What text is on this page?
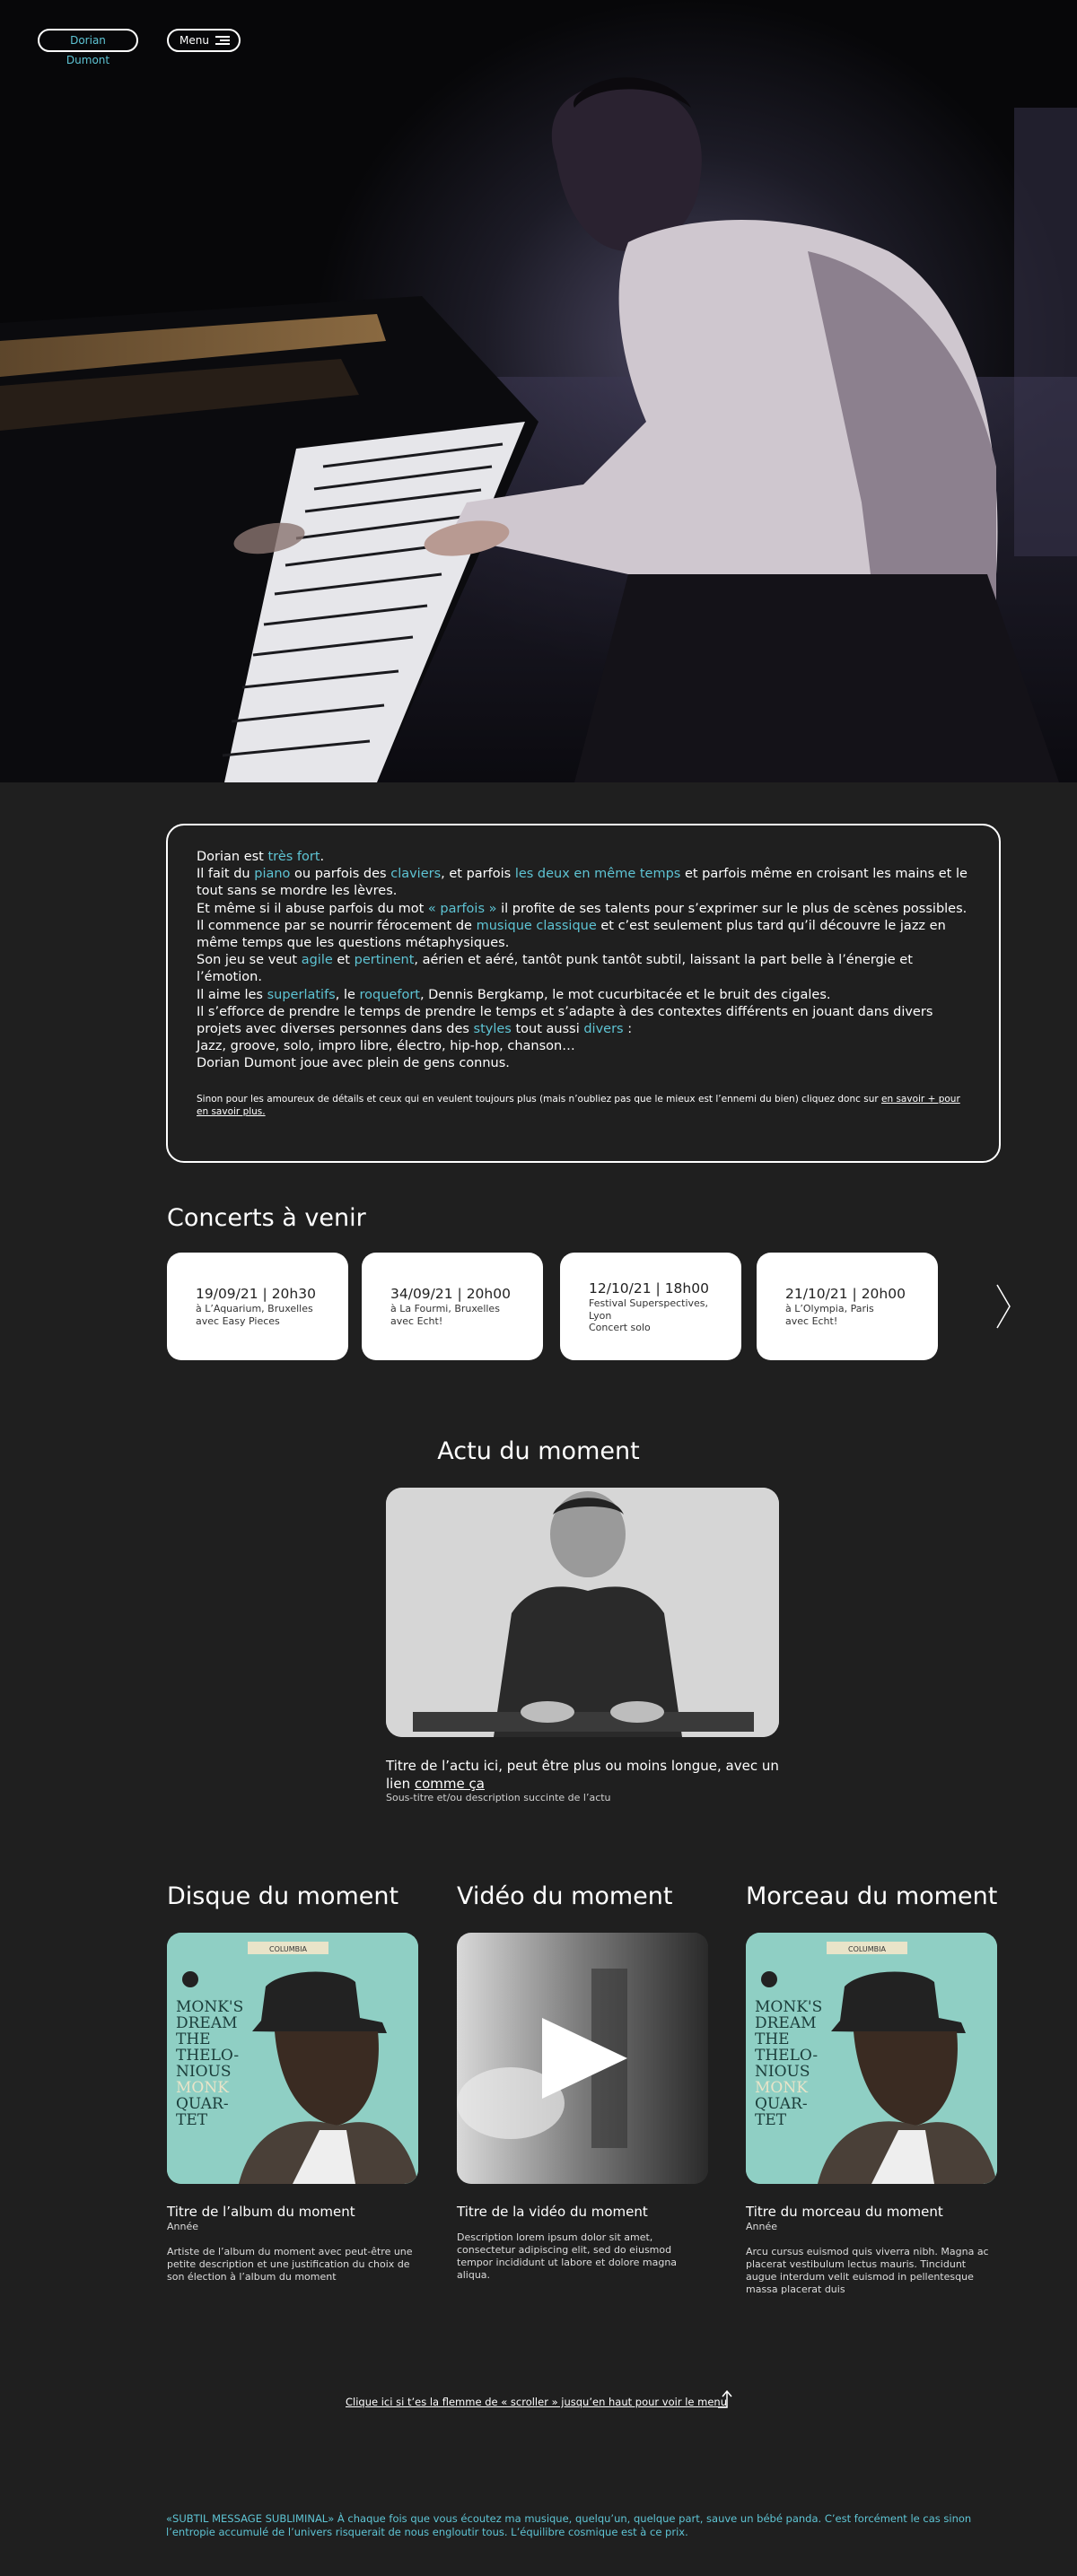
Dorian Dumont
Menu

Dorian est très fort.
Il fait du piano ou parfois des claviers, et parfois les deux en même temps et parfois même en croisant les mains et le tout sans se mordre les lèvres.
Et même si il abuse parfois du mot « parfois » il profite de ses talents pour s’exprimer sur le plus de scènes possibles.
Il commence par se nourrir férocement de musique classique et c’est seulement plus tard qu’il découvre le jazz en même temps que les questions métaphysiques.
Son jeu se veut agile et pertinent, aérien et aéré, tantôt punk tantôt subtil, laissant la part belle à l’énergie et l’émotion.
Il aime les superlatifs, le roquefort, Dennis Bergkamp, le mot cucurbitacée et le bruit des cigales.
Il s’efforce de prendre le temps de prendre le temps et s’adapte à des contextes différents en jouant dans divers projets avec diverses personnes dans des styles tout aussi divers :
Jazz, groove, solo, impro libre, électro, hip-hop, chanson…
Dorian Dumont joue avec plein de gens connus.

Sinon pour les amoureux de détails et ceux qui en veulent toujours plus (mais n’oubliez pas que le mieux est l’ennemi du bien) cliquez donc sur en savoir + pour en savoir plus.

Concerts à venir
19/09/21 | 20h30
à L’Aquarium, Bruxelles
avec Easy Pieces
34/09/21 | 20h00
à La Fourmi, Bruxelles
avec Echt!
12/10/21 | 18h00
Festival Superspectives,
Lyon
Concert solo
21/10/21 | 20h00
à L’Olympia, Paris
avec Echt!
Actu du moment
Titre de l’actu ici, peut être plus ou moins longue, avec un lien comme ça
Sous-titre et/ou description succinte de l’actu
Disque du moment Vidéo du moment	Morceau du moment
COLUMBIA
MONK'S
DREAM
THE
THELO-
NIOUS
MONK
QUAR-
TET
COLUMBIA
MONK'S
DREAM
THE
THELO-
NIOUS
MONK
QUAR-
TET
Titre de l’album du moment
Année
Artiste de l’album du moment avec peut-être une petite description et une justification du choix de son élection à l’album du moment
Titre de la vidéo du moment
Description lorem ipsum dolor sit amet, consectetur adipiscing elit, sed do eiusmod tempor incididunt ut labore et dolore magna aliqua.
Titre du morceau du moment
Année
Arcu cursus euismod quis viverra nibh. Magna ac placerat vestibulum lectus mauris. Tincidunt augue interdum velit euismod in pellentesque massa placerat duis
Clique ici si t’es la flemme de « scroller » jusqu’en haut pour voir le menu
«SUBTIL MESSAGE SUBLIMINAL» À chaque fois que vous écoutez ma musique, quelqu’un, quelque part, sauve un bébé panda. C’est forcément le cas sinon l’entropie accumulé de l’univers risquerait de nous engloutir tous. L’équilibre cosmique est à ce prix.
